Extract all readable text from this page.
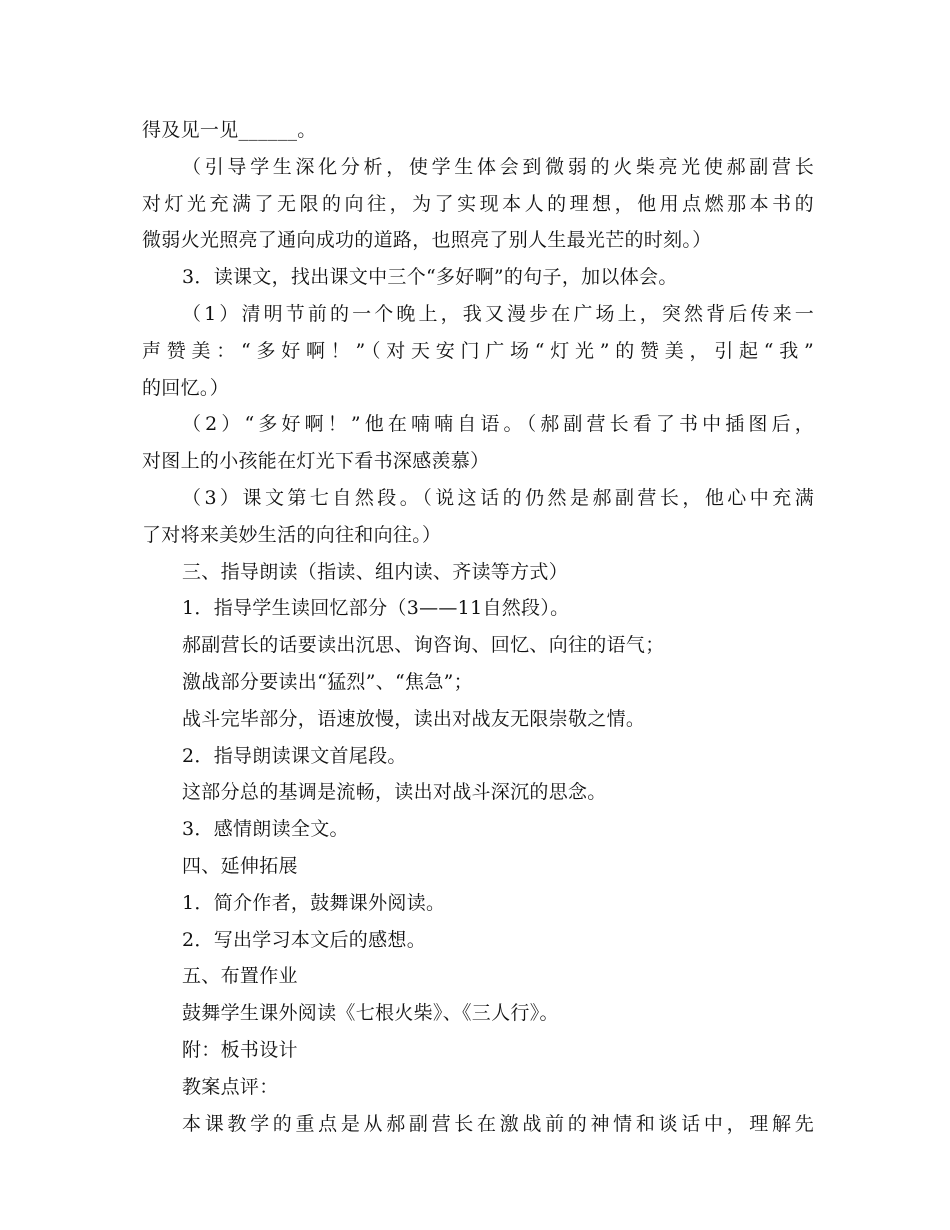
得及见一见______。
（引导学生深化分析，使学生体会到微弱的火柴亮光使郝副营长
对灯光充满了无限的向往，为了实现本人的理想，他用点燃那本书的
微弱火光照亮了通向成功的道路，也照亮了别人生最光芒的时刻。）
3．读课文，找出课文中三个“多好啊”的句子，加以体会。
（1）清明节前的一个晚上，我又漫步在广场上，突然背后传来一
声赞美：“多好啊！”（对天安门广场“灯光”的赞美，引起“我”
的回忆。）
（2）“多好啊！”他在喃喃自语。（郝副营长看了书中插图后，
对图上的小孩能在灯光下看书深感羡慕）
（3）课文第七自然段。（说这话的仍然是郝副营长，他心中充满
了对将来美妙生活的向往和向往。）
三、指导朗读（指读、组内读、齐读等方式）
1．指导学生读回忆部分（3——11自然段）。
郝副营长的话要读出沉思、询咨询、回忆、向往的语气；
激战部分要读出“猛烈”、“焦急”；
战斗完毕部分，语速放慢，读出对战友无限崇敬之情。
2．指导朗读课文首尾段。
这部分总的基调是流畅，读出对战斗深沉的思念。
3．感情朗读全文。
四、延伸拓展
1．简介作者，鼓舞课外阅读。
2．写出学习本文后的感想。
五、布置作业
鼓舞学生课外阅读《七根火柴》、《三人行》。
附：板书设计
教案点评：
本课教学的重点是从郝副营长在激战前的神情和谈话中，理解先
